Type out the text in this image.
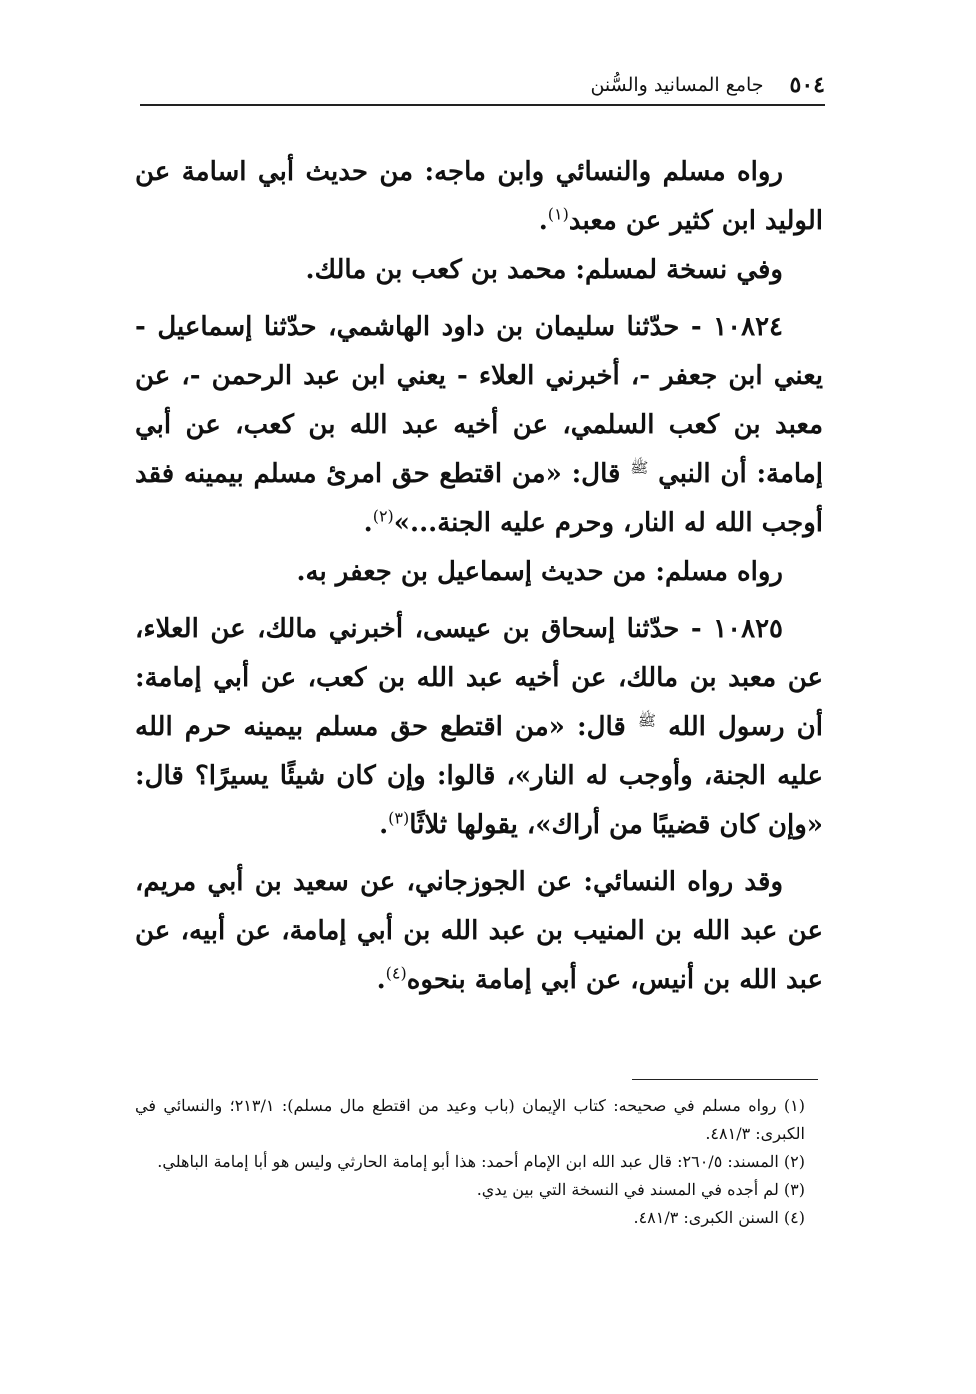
٥٠٤
جامع المسانيد والسُّنن

رواه مسلم والنسائي وابن ماجه: من حديث أبي اسامة عن الوليد ابن كثير عن معبد$^{(١)}$.

وفي نسخة لمسلم: محمد بن كعب بن مالك.

١٠٨٢٤ - حدّثنا سليمان بن داود الهاشمي، حدّثنا إسماعيل - يعني ابن جعفر -، أخبرني العلاء - يعني ابن عبد الرحمن -، عن معبد بن كعب السلمي، عن أخيه عبد الله بن كعب، عن أبي إمامة: أن النبي $^ﷺ$ قال: «من اقتطع حق امرئ مسلم بيمينه فقد أوجب الله له النار، وحرم عليه الجنة...»$^{(٢)}$.

رواه مسلم: من حديث إسماعيل بن جعفر به.

١٠٨٢٥ - حدّثنا إسحاق بن عيسى، أخبرني مالك، عن العلاء، عن معبد بن مالك، عن أخيه عبد الله بن كعب، عن أبي إمامة: أن رسول الله $^ﷺ$ قال: «من اقتطع حق مسلم بيمينه حرم الله عليه الجنة، وأوجب له النار»، قالوا: وإن كان شيئًا يسيرًا؟ قال: «وإن كان قضيبًا من أراك»، يقولها ثلاثًا$^{(٣)}$.

وقد رواه النسائي: عن الجوزجاني، عن سعيد بن أبي مريم، عن عبد الله بن المنيب بن عبد الله بن أبي إمامة، عن أبيه، عن عبد الله بن أنيس، عن أبي إمامة بنحوه$^{(٤)}$.

(١) رواه مسلم في صحيحه: كتاب الإيمان (باب وعيد من اقتطع مال مسلم): ٢١٣/١؛ والنسائي في الكبرى: ٤٨١/٣.

(٢) المسند: ٢٦٠/٥: قال عبد الله ابن الإمام أحمد: هذا أبو إمامة الحارثي وليس هو أبا إمامة الباهلي.

(٣) لم أجده في المسند في النسخة التي بين يدي.

(٤) السنن الكبرى: ٤٨١/٣.
